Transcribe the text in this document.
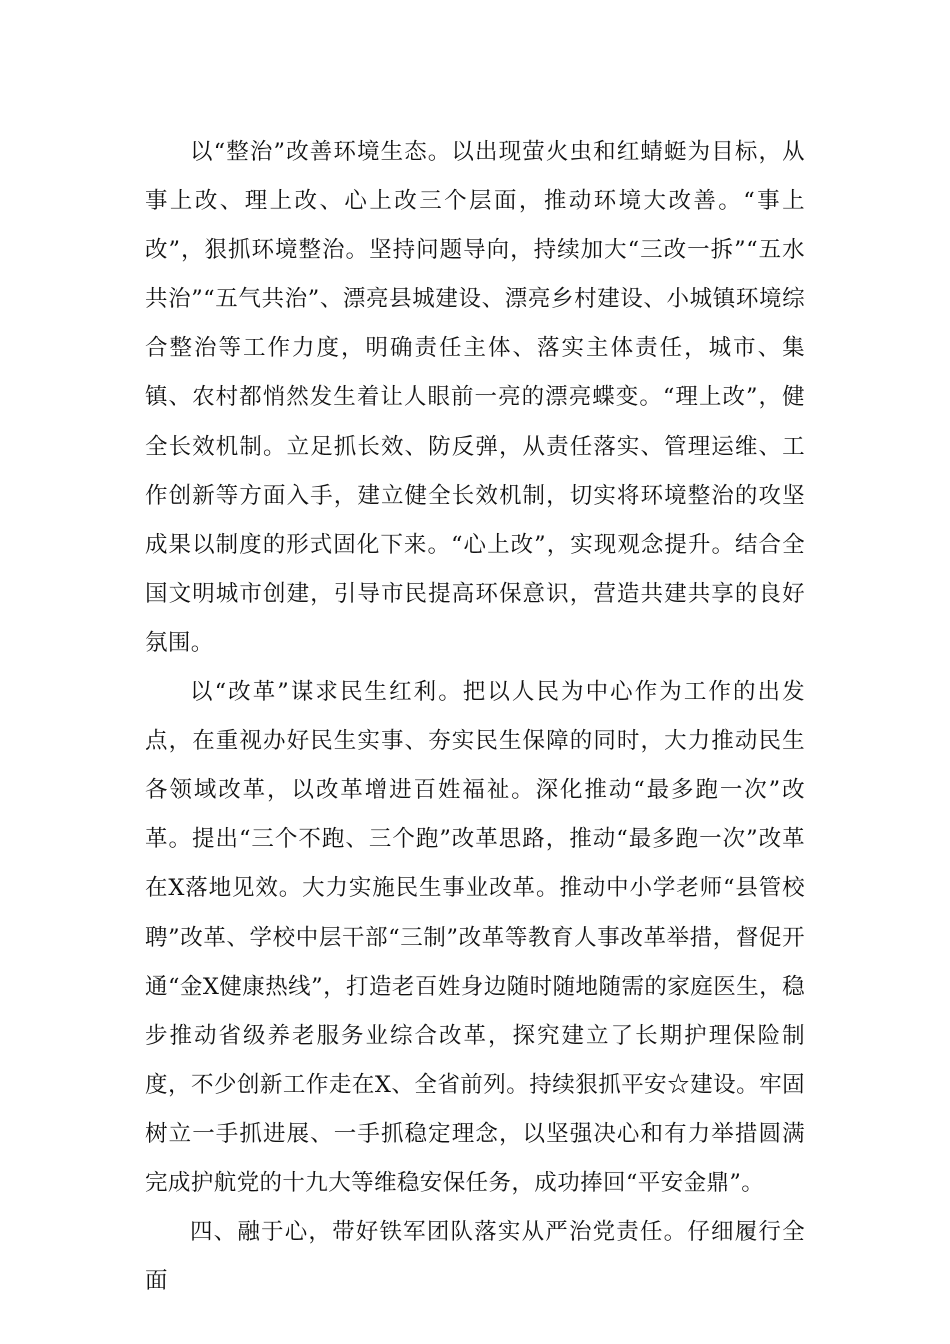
以“整治”改善环境生态。以出现萤火虫和红蜻蜓为目标，从事上改、理上改、心上改三个层面，推动环境大改善。“事上改”，狠抓环境整治。坚持问题导向，持续加大“三改一拆”“五水共治”“五气共治”、漂亮县城建设、漂亮乡村建设、小城镇环境综合整治等工作力度，明确责任主体、落实主体责任，城市、集镇、农村都悄然发生着让人眼前一亮的漂亮蝶变。“理上改”，健全长效机制。立足抓长效、防反弹，从责任落实、管理运维、工作创新等方面入手，建立健全长效机制，切实将环境整治的攻坚成果以制度的形式固化下来。“心上改”，实现观念提升。结合全国文明城市创建，引导市民提高环保意识，营造共建共享的良好氛围。

以“改革”谋求民生红利。把以人民为中心作为工作的出发点，在重视办好民生实事、夯实民生保障的同时，大力推动民生各领域改革，以改革增进百姓福祉。深化推动“最多跑一次”改革。提出“三个不跑、三个跑”改革思路，推动“最多跑一次”改革在X落地见效。大力实施民生事业改革。推动中小学老师“县管校聘”改革、学校中层干部“三制”改革等教育人事改革举措，督促开通“金X健康热线”，打造老百姓身边随时随地随需的家庭医生，稳步推动省级养老服务业综合改革，探究建立了长期护理保险制度，不少创新工作走在X、全省前列。持续狠抓平安☆建设。牢固树立一手抓进展、一手抓稳定理念，以坚强决心和有力举措圆满完成护航党的十九大等维稳安保任务，成功捧回“平安金鼎”。

四、融于心，带好铁军团队落实从严治党责任。仔细履行全面
